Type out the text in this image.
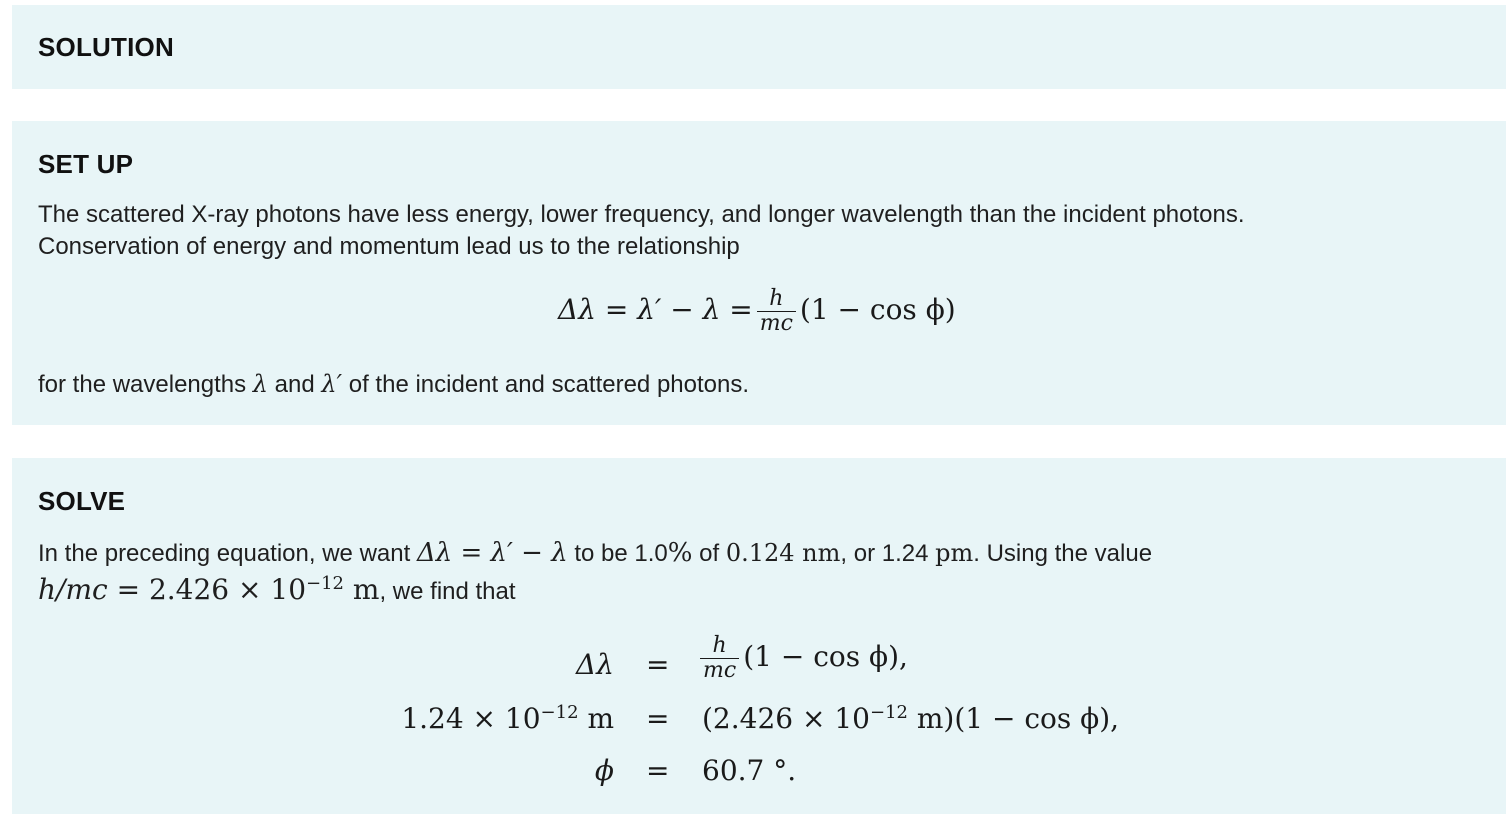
SOLUTION
SET UP
The scattered X-ray photons have less energy, lower frequency, and longer wavelength than the incident photons.
Conservation of energy and momentum lead us to the relationship
$\Delta\lambda = \lambda' - \lambda = \frac{h}{mc} (1 - \cos \phi)$
for the wavelengths λ and λ′ of the incident and scattered photons.
SOLVE
In the preceding equation, we want Δλ = λ′ − λ to be 1.0% of 0.124 nm, or 1.24 pm. Using the value
$h/mc = 2.426 \times 10^{-12}$ m, we find that
$\Delta\lambda = \frac{h}{mc} (1 - \cos \phi)$,
$1.24 \times 10^{-12}$ $m = (2.426 \times 10^{-12}$ m)(1 − cos ϕ),
ϕ = 60.7 °.
